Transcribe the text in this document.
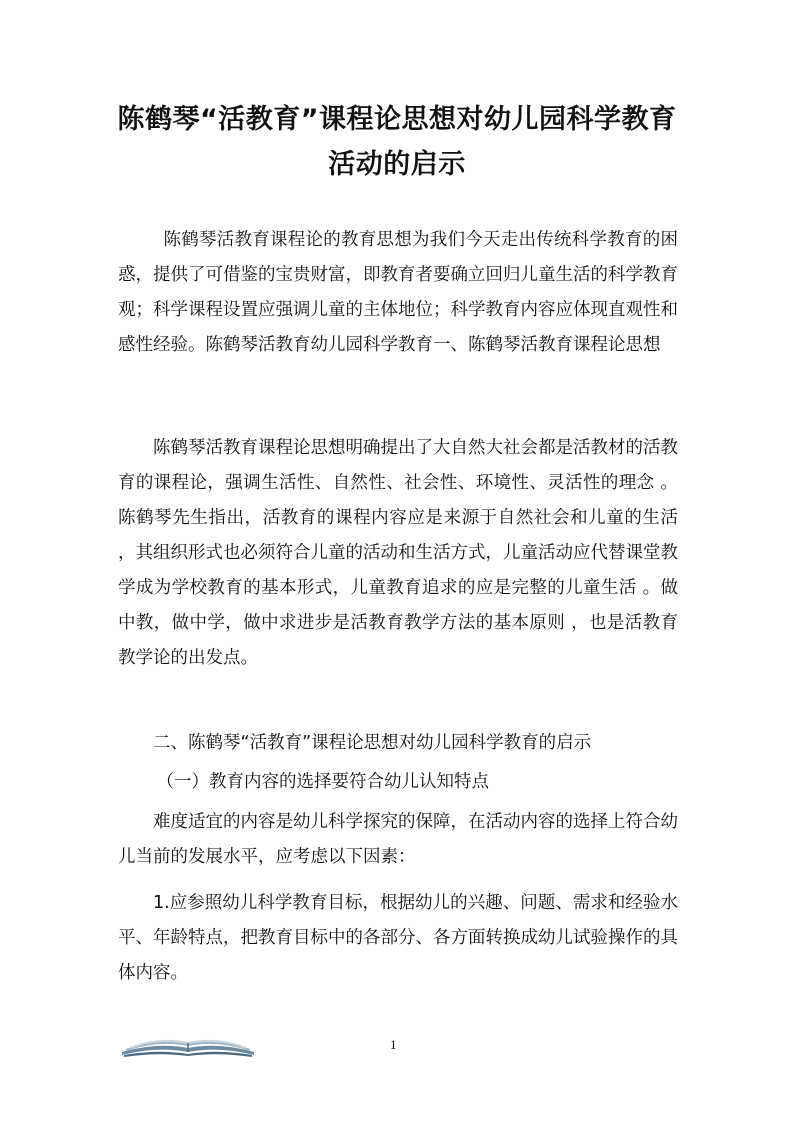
陈鹤琴“活教育”课程论思想对幼儿园科学教育活动的启示

陈鹤琴活教育课程论的教育思想为我们今天走出传统科学教育的困惑，提供了可借鉴的宝贵财富，即教育者要确立回归儿童生活的科学教育观；科学课程设置应强调儿童的主体地位；科学教育内容应体现直观性和感性经验。陈鹤琴活教育幼儿园科学教育一、陈鹤琴活教育课程论思想

陈鹤琴活教育课程论思想明确提出了大自然大社会都是活教材的活教育的课程论，强调生活性、自然性、社会性、环境性、灵活性的理念 。陈鹤琴先生指出，活教育的课程内容应是来源于自然社会和儿童的生活 ，其组织形式也必须符合儿童的活动和生活方式，儿童活动应代替课堂教学成为学校教育的基本形式，儿童教育追求的应是完整的儿童生活 。做中教，做中学，做中求进步是活教育教学方法的基本原则 ，也是活教育教学论的出发点。

二、陈鹤琴“活教育”课程论思想对幼儿园科学教育的启示

（一）教育内容的选择要符合幼儿认知特点

难度适宜的内容是幼儿科学探究的保障，在活动内容的选择上符合幼儿当前的发展水平，应考虑以下因素：

1.应参照幼儿科学教育目标，根据幼儿的兴趣、问题、需求和经验水平、年龄特点，把教育目标中的各部分、各方面转换成幼儿试验操作的具体内容。

1
